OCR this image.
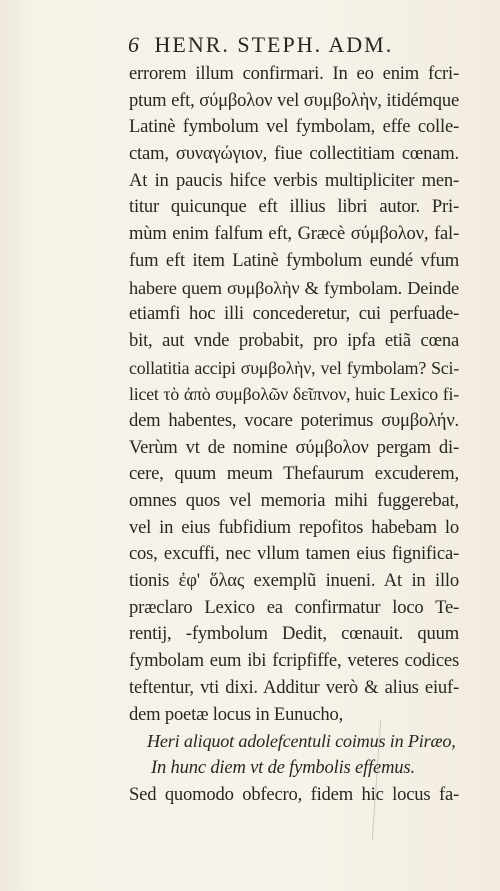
6 HENR. STEPH. ADM.
errorem illum confirmari. In eo enim fcri-
ptum eft, σύμβολον vel συμβολὴν, itidémque
Latinè fymbolum vel fymbolam, effe colle-
ctam, συναγώγιον, fiue collectitiam cœnam.
At in paucis hifce verbis multipliciter men-
titur quicunque eft illius libri autor. Pri-
mùm enim falfum eft, Græcè σύμβολον, fal-
fum eft item Latinè fymbolum eundé vfum
habere quem συμβολὴν & fymbolam. Deinde
etiamfi hoc illi concederetur, cui perfuade-
bit, aut vnde probabit, pro ipfa etiã cœna
collatitia accipi συμβολὴν, vel fymbolam? Sci-
licet τὸ ἀπὸ συμβολῶν δεῖπνον, huic Lexico fi-
dem habentes, vocare poterimus συμβολήν.
Verùm vt de nomine σύμβολον pergam di-
cere, quum meum Thefaurum excuderem,
omnes quos vel memoria mihi fuggerebat,
vel in eius fubfidium repofitos habebam lo
cos, excuffi, nec vllum tamen eius fignifica-
tionis ἐφ' ὅλας exemplũ inueni. At in illo
præclaro Lexico ea confirmatur loco Te-
rentij, -fymbolum Dedit, cœnauit. quum
fymbolam eum ibi fcripfiffe, veteres codices
teftentur, vti dixi. Additur verò & alius eiuf-
dem poetæ locus in Eunucho,
Heri aliquot adolefcentuli coimus in Piræo,
In hunc diem vt de fymbolis effemus.
Sed quomodo obfecro, fidem hic locus fa-
